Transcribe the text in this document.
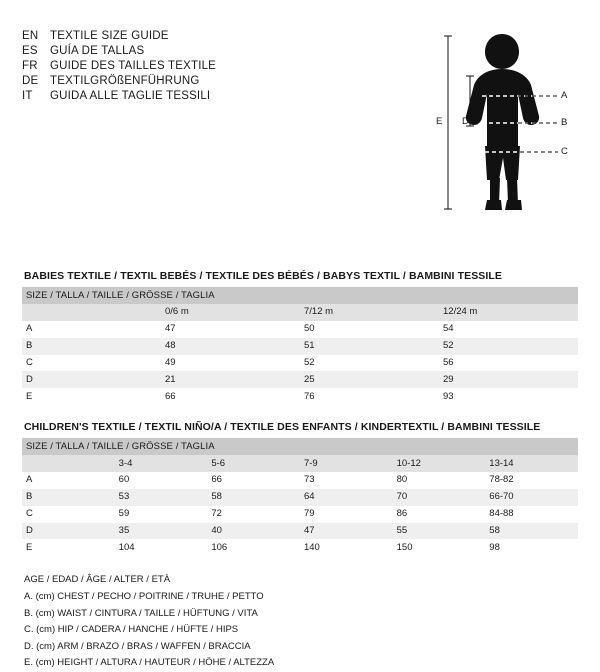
EN	TEXTILE SIZE GUIDE
ES	GUÍA DE TALLAS
FR	GUIDE DES TAILLES TEXTILE
DE	TEXTILGRÖßENFÜHRUNG
IT	GUIDA ALLE TAGLIE TESSILI	A
B
C
D
E
BABIES TEXTILE / TEXTIL BEBÉS / TEXTILE DES BÉBÉS / BABYS TEXTIL / BAMBINI TESSILE
SIZE / TALLA / TAILLE / GRÖSSE / TAGLIA			
	0/6 m	7/12 m	12/24 m
A	47	50	54
B	48	51	52
C	49	52	56
D	21	25	29
E	66	76	93
CHILDREN'S TEXTILE / TEXTIL NIÑO/A / TEXTILE DES ENFANTS / KINDERTEXTIL / BAMBINI TESSILE
SIZE / TALLA / TAILLE / GRÖSSE / TAGLIA					
	3-4	5-6	7-9	10-12	13-14
A	60	66	73	80	78-82
B	53	58	64	70	66-70
C	59	72	79	86	84-88
D	35	40	47	55	58
E	104	106	140	150	98
AGE / EDAD / ÂGE / ALTER / ETÀ
A. (cm) CHEST / PECHO / POITRINE / TRUHE / PETTO
B. (cm) WAIST / CINTURA / TAILLE / HÜFTUNG / VITA
C. (cm) HIP / CADERA / HANCHE / HÜFTE / HIPS
D. (cm) ARM / BRAZO / BRAS / WAFFEN / BRACCIA
E. (cm) HEIGHT / ALTURA / HAUTEUR / HÖHE / ALTEZZA
